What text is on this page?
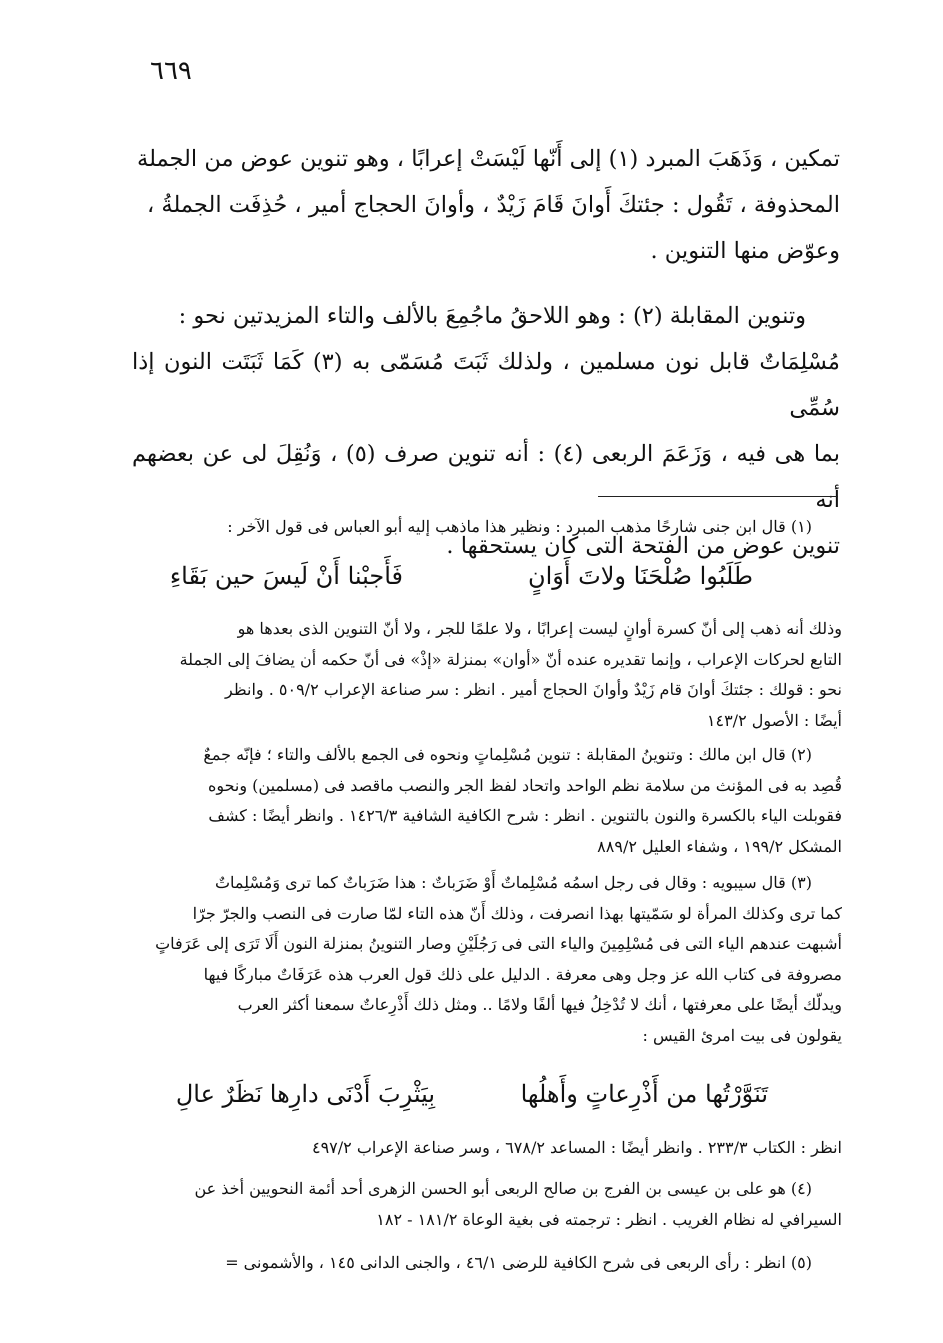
٦٦٩

تمكين ، وَذَهَبَ المبرد (١) إلى أَنّها لَيْسَتْ إعرابًا ، وهو تنوين عوض من الجملة
المحذوفة ، تَقُول : جئتكَ أَوانَ قَامَ زَيْدٌ ، وأوانَ الحجاج أمير ، حُذِفَت الجملةُ ،
وعوّض منها التنوين .

وتنوين المقابلة (٢) : وهو اللاحقُ ماجُمِعَ بالألف والتاء المزيدتين نحو :
مُسْلِمَاتٌ قابل نون مسلمين ، ولذلك ثَبَتَ مُسَمّى به (٣) كَمَا ثَبَتَت النون إذا سُمِّى
بما هى فيه ، وَزَعَمَ الربعى (٤) : أنه تنوين صرف (٥) ، وَنُقِلَ لى عن بعضهم أنه
تنوين عوض من الفتحة التى كان يستحقها .

(١) قال ابن جنى شارحًا مذهب المبرد : ونظير هذا ماذهب إليه أبو العباس فى قول الآخر :
طَلَبُوا صُلْحَنَا ولاتَ أَوَانٍ
فَأَجبْنا أَنْ لَيسَ حين بَقَاءِ
وذلك أنه ذهب إلى أنّ كسرة أوانٍ ليست إعرابًا ، ولا علمًا للجر ، ولا أنّ التنوين الذى بعدها هو
التابع لحركات الإعراب ، وإنما تقديره عنده أنّ «أوان» بمنزلة «إذْ» فى أنّ حكمه أن يضافَ إلى الجملة
نحو : قولك : جئتكَ أوانَ قام زَيْدٌ وأوانَ الحجاج أمير . انظر : سر صناعة الإعراب ٥٠٩/٢ . وانظر
أيضًا : الأصول ١٤٣/٢
(٢) قال ابن مالك : وتنوينُ المقابلة : تنوين مُسْلِماتٍ ونحوه فى الجمع بالألف والتاء ؛ فإنّه جمعٌ
قُصِد به فى المؤنث من سلامة نظم الواحد واتحاد لفظ الجر والنصب ماقصد فى (مسلمين) ونحوه
فقوبلت الياء بالكسرة والنون بالتنوين . انظر : شرح الكافية الشافية ١٤٢٦/٣ . وانظر أيضًا : كشف
المشكل ١٩٩/٢ ، وشفاء العليل ٨٨٩/٢
(٣) قال سيبويه : وقال فى رجل اسمُه مُسْلِماتٌ أَوْ ضَرَباتٌ : هذا ضَرَباتٌ كما ترى وَمُسْلِماتٌ
كما ترى وكذلك المرأة لو سَمّيتها بهذا انصرفت ، وذلك أَنّ هذه التاء لمّا صارت فى النصب والجرّ جرّا
أشبهت عندهم الياء التى فى مُسْلِمِينَ والياء التى فى رَجُلَيْنِ وصار التنوينُ بمنزلة النون أَلَا تَرَى إلى عَرَفاتٍ
مصروفة فى كتاب الله عز وجل وهى معرفة . الدليل على ذلك قول العرب هذه عَرَفَاتٌ مباركًا فيها
ويدلّك أيضًا على معرفتها ، أنك لا تُدْخِلُ فيها ألفًا ولامًا .. ومثل ذلك أَذْرِعاتٌ سمعنا أكثر العرب
يقولون فى بيت امرئ القيس :
تَنَوَّرْتُها من أَذْرِعاتٍ وأَهلُها
بِيَثْرِبَ أَدْنَى دارِها نَظَرٌ عالِ
انظر : الكتاب ٢٣٣/٣ . وانظر أيضًا : المساعد ٦٧٨/٢ ، وسر صناعة الإعراب ٤٩٧/٢
(٤) هو على بن عيسى بن الفرج بن صالح الربعى أبو الحسن الزهرى أحد أئمة النحويين أخذ عن
السيرافي له نظام الغريب . انظر : ترجمته فى بغية الوعاة ١٨١/٢ - ١٨٢
(٥) انظر : رأى الربعى فى شرح الكافية للرضى ٤٦/١ ، والجنى الدانى ١٤٥ ، والأشمونى =
